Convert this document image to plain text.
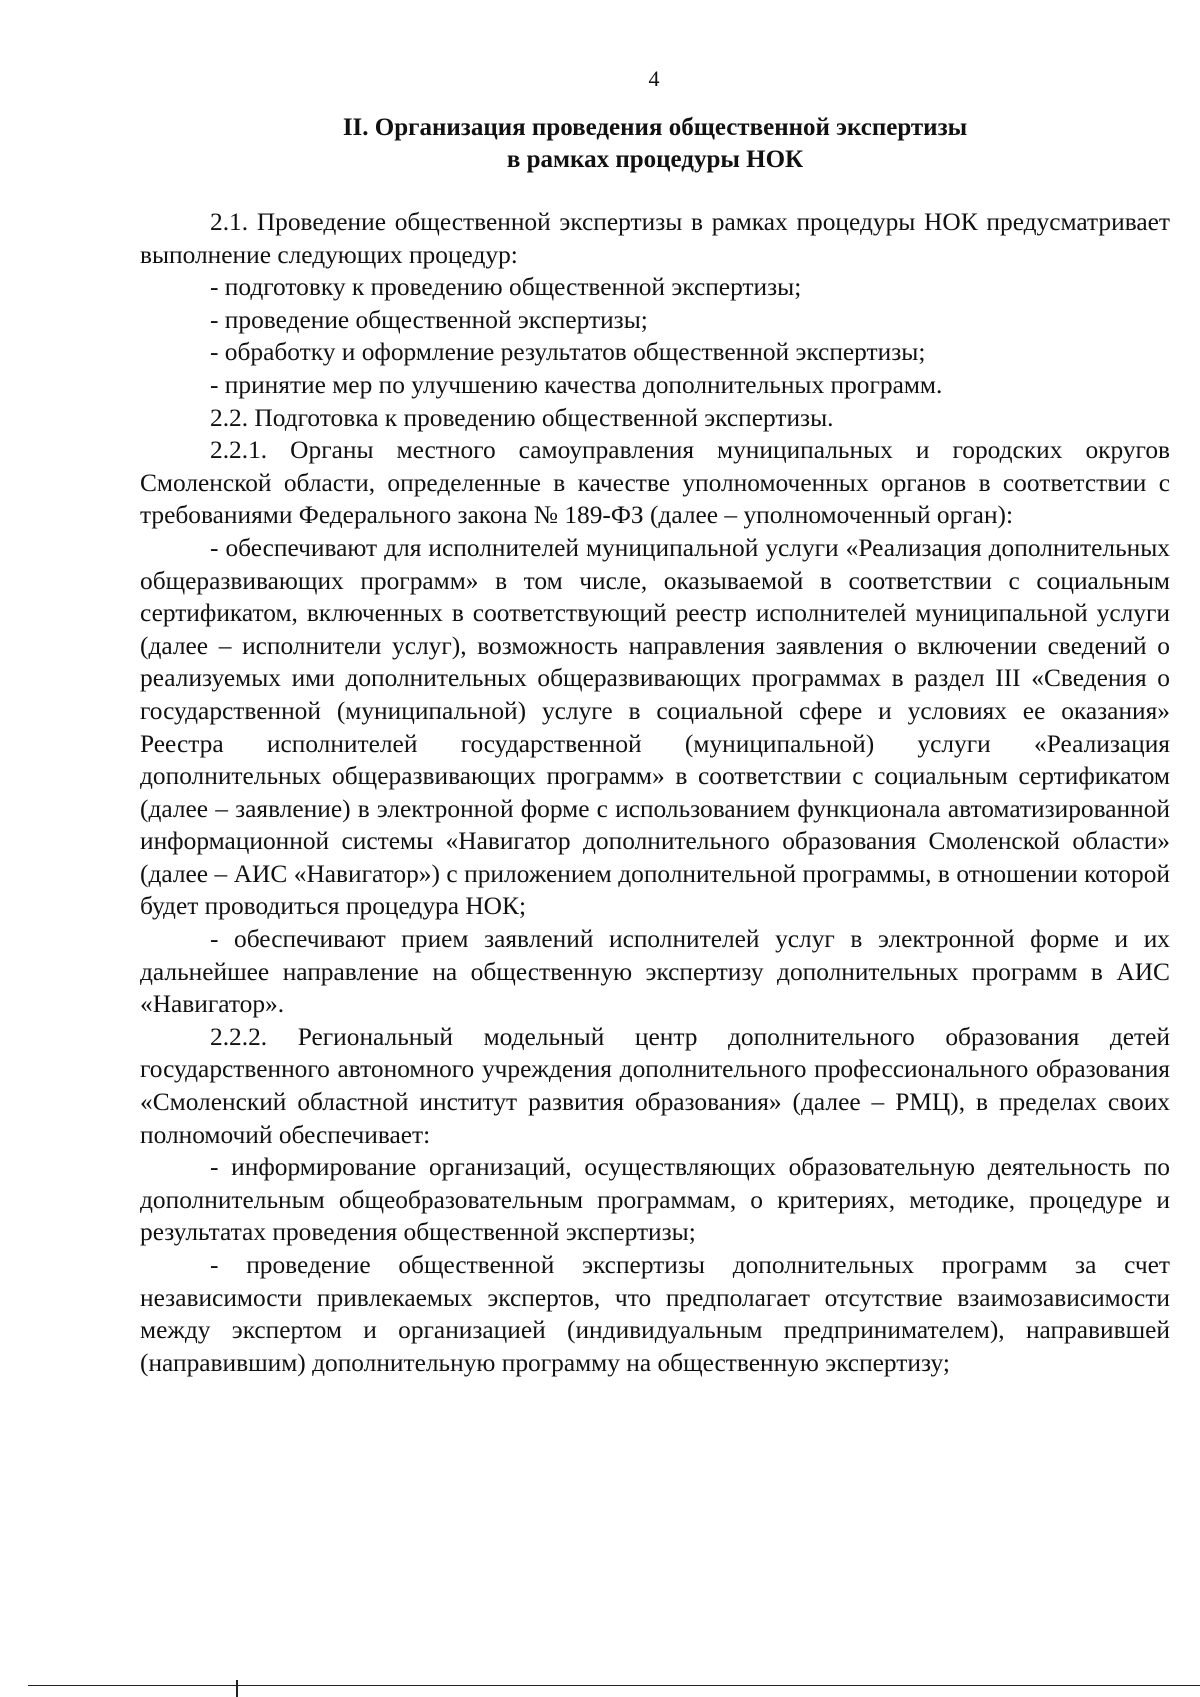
4
II. Организация проведения общественной экспертизы
в рамках процедуры НОК

2.1. Проведение общественной экспертизы в рамках процедуры НОК предусматривает выполнение следующих процедур:

- подготовку к проведению общественной экспертизы;

- проведение общественной экспертизы;

- обработку и оформление результатов общественной экспертизы;

- принятие мер по улучшению качества дополнительных программ.

2.2. Подготовка к проведению общественной экспертизы.

2.2.1. Органы местного самоуправления муниципальных и городских округов Смоленской области, определенные в качестве уполномоченных органов в соответствии с требованиями Федерального закона № 189-ФЗ (далее – уполномоченный орган):

- обеспечивают для исполнителей муниципальной услуги «Реализация дополнительных общеразвивающих программ» в том числе, оказываемой в соответствии с социальным сертификатом, включенных в соответствующий реестр исполнителей муниципальной услуги (далее – исполнители услуг), возможность направления заявления о включении сведений о реализуемых ими дополнительных общеразвивающих программах в раздел III «Сведения о государственной (муниципальной) услуге в социальной сфере и условиях ее оказания» Реестра исполнителей государственной (муниципальной) услуги «Реализация дополнительных общеразвивающих программ» в соответствии с социальным сертификатом (далее – заявление) в электронной форме с использованием функционала автоматизированной информационной системы «Навигатор дополнительного образования Смоленской области» (далее – АИС «Навигатор») с приложением дополнительной программы, в отношении которой будет проводиться процедура НОК;

- обеспечивают прием заявлений исполнителей услуг в электронной форме и их дальнейшее направление на общественную экспертизу дополнительных программ в АИС «Навигатор».

2.2.2. Региональный модельный центр дополнительного образования детей государственного автономного учреждения дополнительного профессионального образования «Смоленский областной институт развития образования» (далее – РМЦ), в пределах своих полномочий обеспечивает:

- информирование организаций, осуществляющих образовательную деятельность по дополнительным общеобразовательным программам, о критериях, методике, процедуре и результатах проведения общественной экспертизы;

- проведение общественной экспертизы дополнительных программ за счет независимости привлекаемых экспертов, что предполагает отсутствие взаимозависимости между экспертом и организацией (индивидуальным предпринимателем), направившей (направившим) дополнительную программу на общественную экспертизу;
